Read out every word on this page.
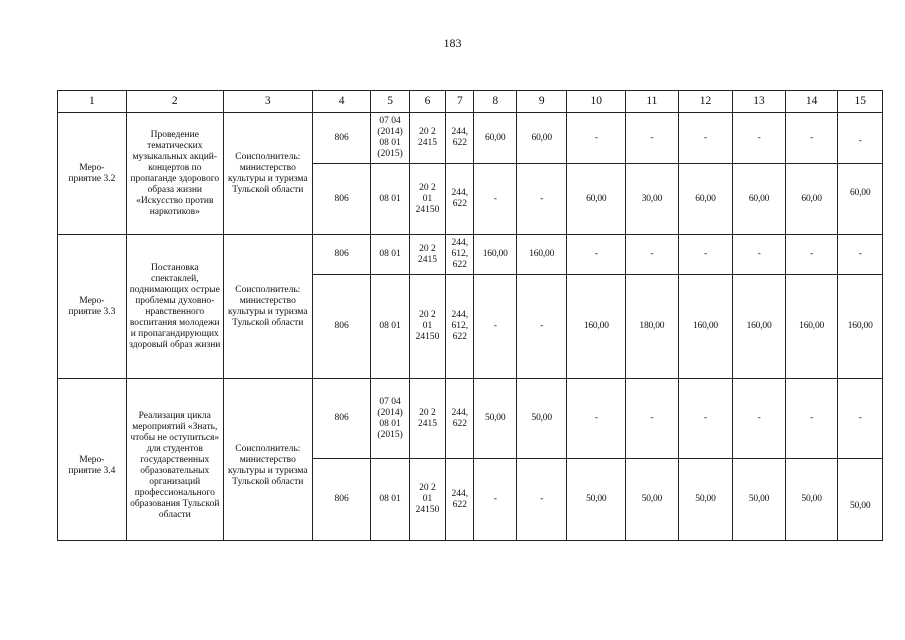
183
1	2	3	4	5	6	7	8	9	10	11	12	13	14	15
Меро-
приятие 3.2	Проведение тематических музыкальных акций-концертов по пропаганде здорового образа жизни «Искусство против наркотиков»	Соисполнитель: министерство культуры и туризма Тульской области	806	07 04
(2014)
08 01
(2015)	20 2
2415	244,
622	60,00	60,00	-	-	-	-	-	-
			806	08 01	20 2
01
24150	244,
622	-	-	60,00	30,00	60,00	60,00	60,00	60,00
Меро-
приятие 3.3	Постановка спектаклей, поднимающих острые проблемы духовно-нравственного воспитания молодежи и пропагандирующих здоровый образ жизни	Соисполнитель: министерство культуры и туризма Тульской области	806	08 01	20 2
2415	244,
612,
622	160,00	160,00	-	-	-	-	-	-
			806	08 01	20 2
01
24150	244,
612,
622	-	-	160,00	180,00	160,00	160,00	160,00	160,00
Меро-
приятие 3.4	Реализация цикла мероприятий «Знать, чтобы не оступиться» для студентов государственных образовательных организаций профессионального образования Тульской области	Соисполнитель: министерство культуры и туризма Тульской области	806	07 04
(2014)
08 01
(2015)	20 2
2415	244,
622	50,00	50,00	-	-	-	-	-	-
			806	08 01	20 2
01
24150	244,
622	-	-	50,00	50,00	50,00	50,00	50,00	50,00
